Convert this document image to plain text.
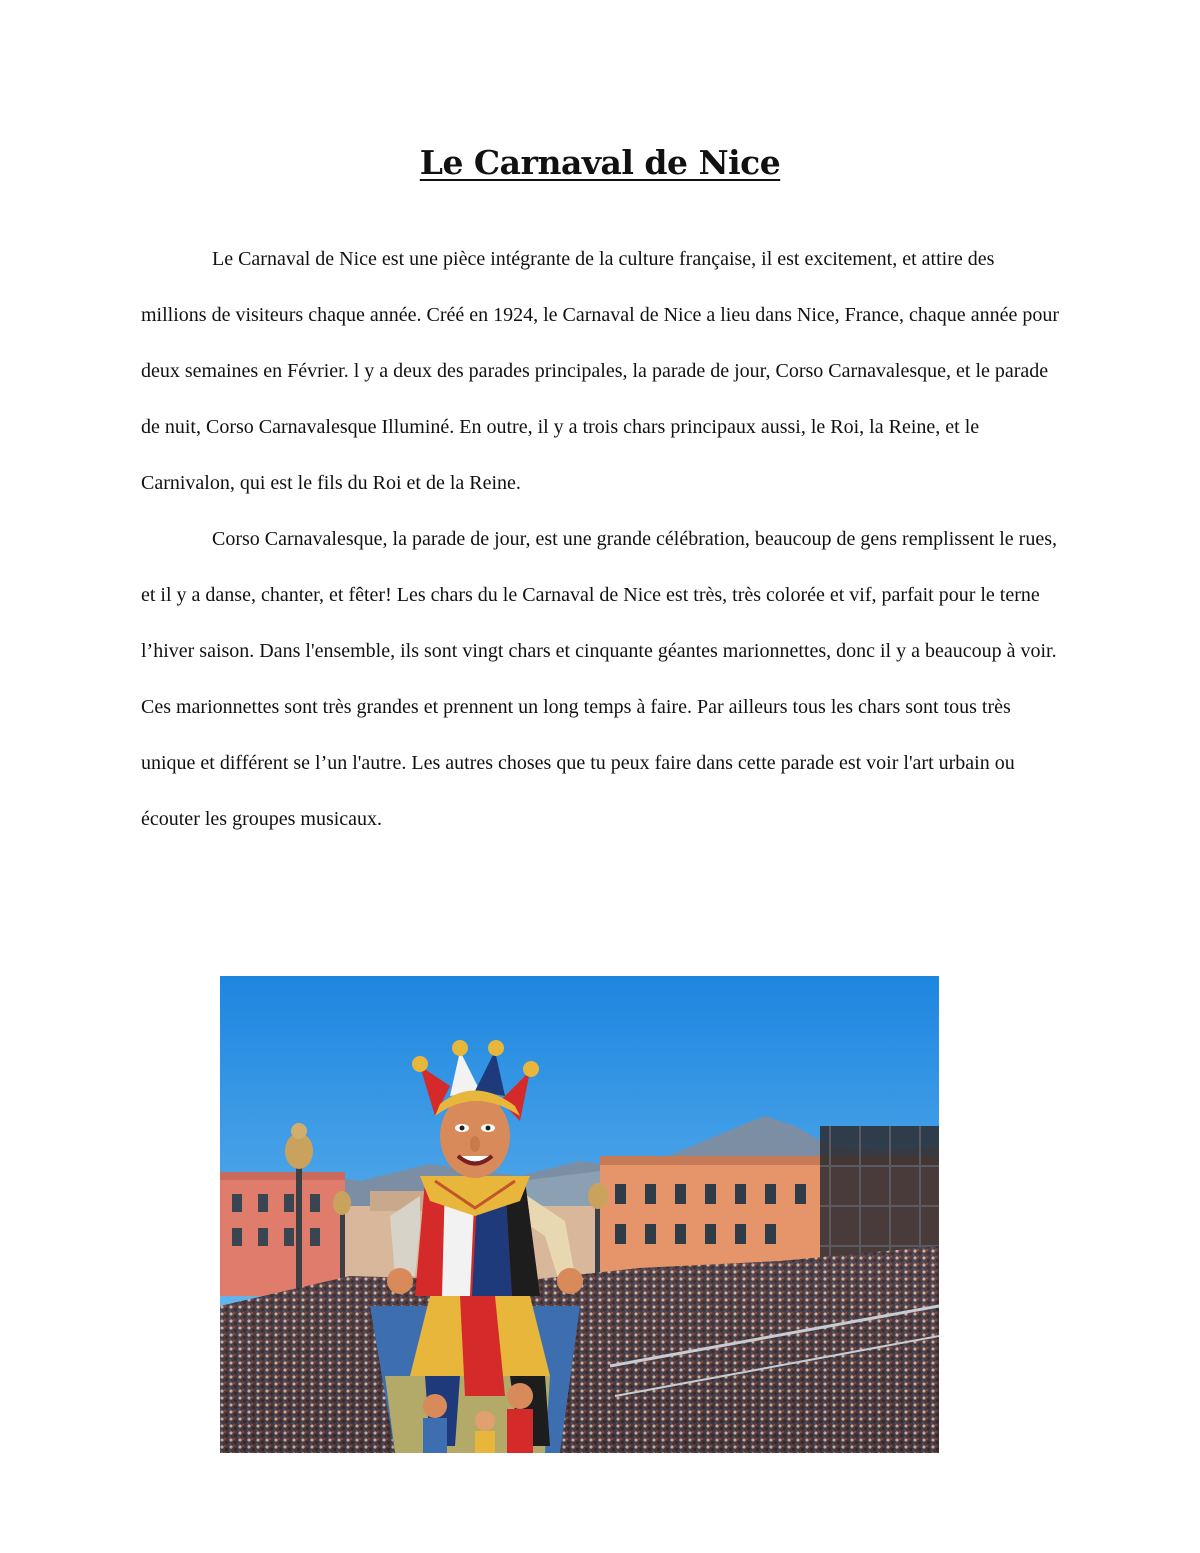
Le Carnaval de Nice

Le Carnaval de Nice est une pièce intégrante de la culture française, il est excitement, et attire des millions de visiteurs chaque année. Créé en 1924, le Carnaval de Nice a lieu dans Nice, France, chaque année pour deux semaines en Février. l y a deux des parades principales, la parade de jour, Corso Carnavalesque, et le parade de nuit, Corso Carnavalesque Illuminé. En outre, il y a trois chars principaux aussi, le Roi, la Reine, et le Carnivalon, qui est le fils du Roi et de la Reine.

Corso Carnavalesque, la parade de jour, est une grande célébration, beaucoup de gens remplissent le rues, et il y a danse, chanter, et fêter! Les chars du le Carnaval de Nice est très, très colorée et vif, parfait pour le terne l’hiver saison. Dans l'ensemble, ils sont vingt chars et cinquante géantes marionnettes, donc il y a beaucoup à voir. Ces marionnettes sont très grandes et prennent un long temps à faire. Par ailleurs tous les chars sont tous très unique et différent se l’un l'autre. Les autres choses que tu peux faire dans cette parade est voir l'art urbain ou écouter les groupes musicaux.
